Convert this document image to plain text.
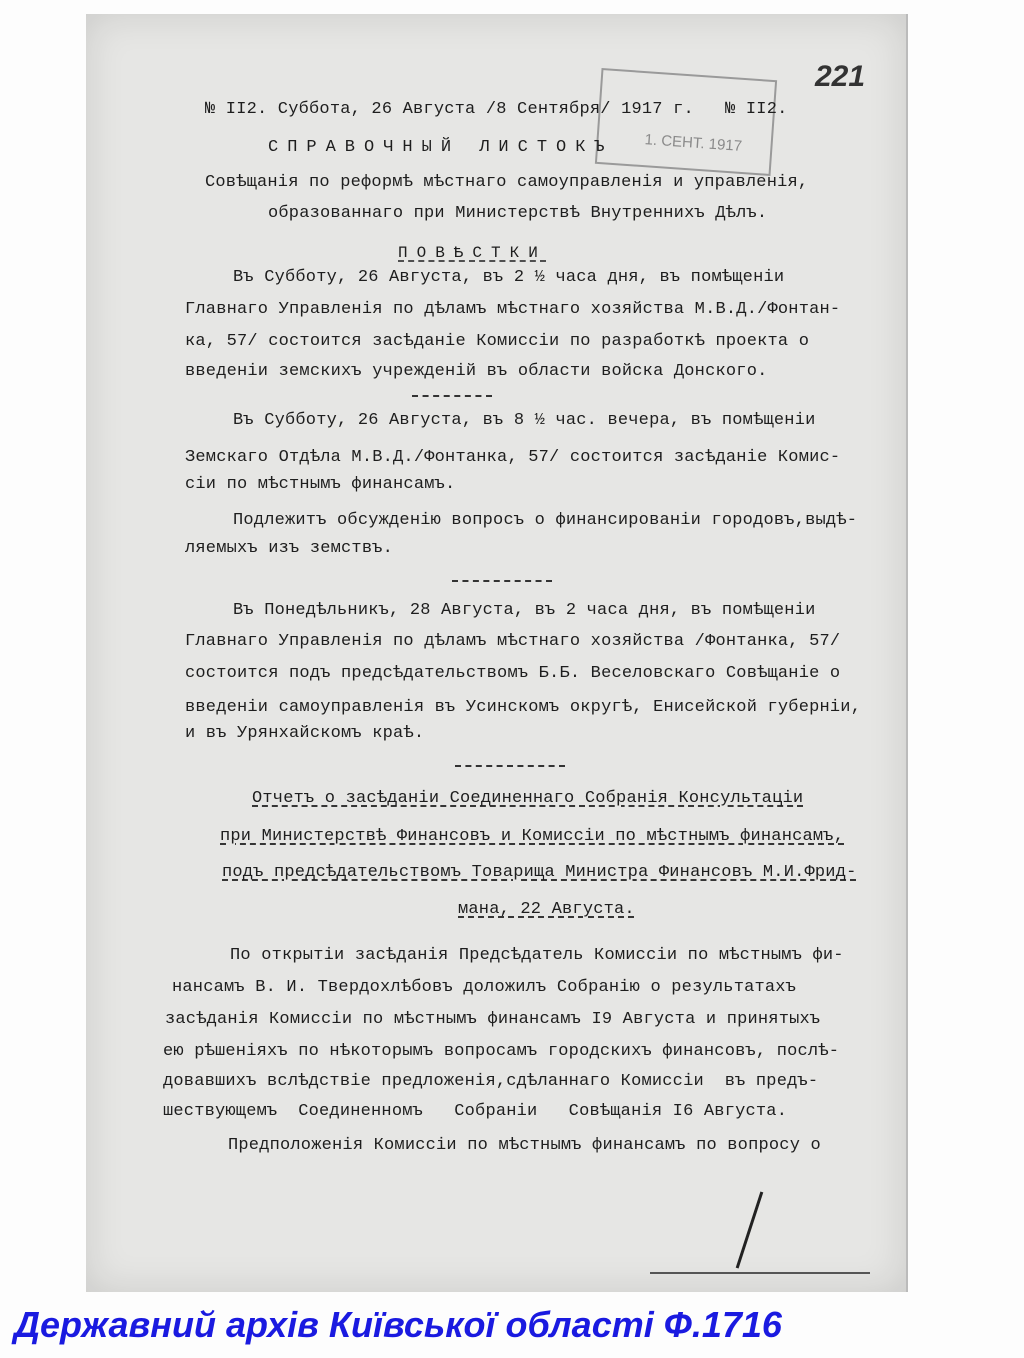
221
1. СЕНТ. 1917
№ II2. Суббота, 26 Августа /8 Сентября/ 1917 г.   № II2.
СПРАВОЧНЫЙ ЛИСТОКЪ
Совѣщанія по реформѣ мѣстнаго самоуправленія и управленія,
образованнаго при Министерствѣ Внутреннихъ Дѣлъ.
ПОВѢСТКИ
Въ Субботу, 26 Августа, въ 2 ½ часа дня, въ помѣщеніи
Главнаго Управленія по дѣламъ мѣстнаго хозяйства М.В.Д./Фонтан-
ка, 57/ состоится засѣданіе Комиссіи по разработкѣ проекта о
введеніи земскихъ учрежденій въ области войска Донского.
Въ Субботу, 26 Августа, въ 8 ½ час. вечера, въ помѣщеніи
Земскаго Отдѣла М.В.Д./Фонтанка, 57/ состоится засѣданіе Комис-
сіи по мѣстнымъ финансамъ.
Подлежитъ обсужденію вопросъ о финансированіи городовъ,выдѣ-
ляемыхъ изъ земствъ.
Въ Понедѣльникъ, 28 Августа, въ 2 часа дня, въ помѣщеніи
Главнаго Управленія по дѣламъ мѣстнаго хозяйства /Фонтанка, 57/
состоится подъ предсѣдательствомъ Б.Б. Веселовскаго Совѣщаніе о
введеніи самоуправленія въ Усинскомъ округѣ, Енисейской губерніи,
и въ Урянхайскомъ краѣ.
Отчетъ о засѣданіи Соединеннаго Собранія Консультаціи
при Министерствѣ Финансовъ и Комиссіи по мѣстнымъ финансамъ,
подъ предсѣдательствомъ Товарища Министра Финансовъ М.И.Фрид-
мана, 22 Августа.
По открытіи засѣданія Предсѣдатель Комиссіи по мѣстнымъ фи-
нансамъ В. И. Твердохлѣбовъ доложилъ Собранію о результатахъ
засѣданія Комиссіи по мѣстнымъ финансамъ I9 Августа и принятыхъ
ею рѣшеніяхъ по нѣкоторымъ вопросамъ городскихъ финансовъ, послѣ-
довавшихъ вслѣдствіе предложенія,сдѣланнаго Комиссіи  въ предъ-
шествующемъ  Соединенномъ   Собраніи   Совѣщанія I6 Августа.
Предположенія Комиссіи по мѣстнымъ финансамъ по вопросу о
Державний архів Київської області Ф.1716
